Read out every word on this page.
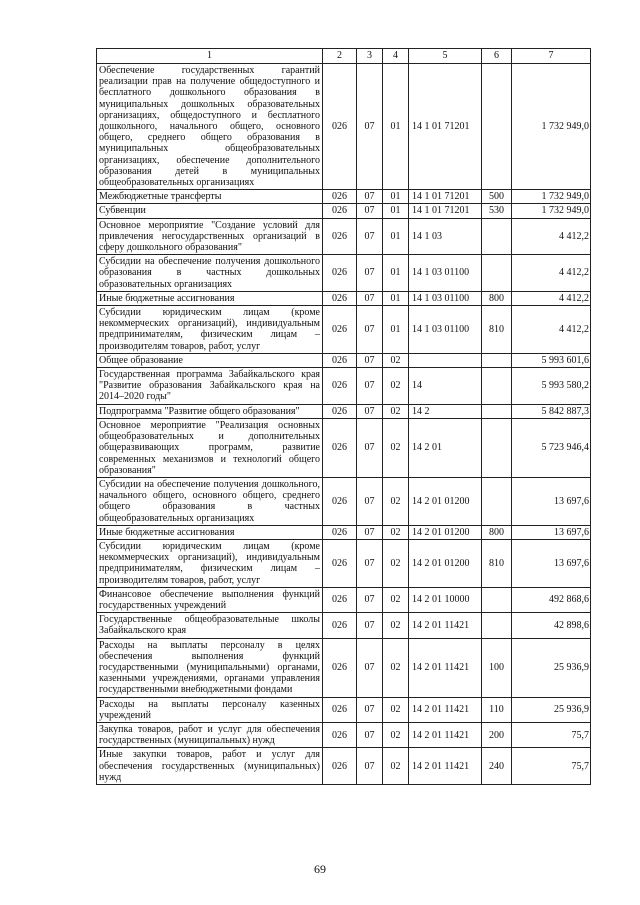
1	2	3	4	5	6	7
Обеспечение государственных гарантий реализации прав на получение общедоступного и бесплатного дошкольного образования в муниципальных дошкольных образовательных организациях, общедоступного и бесплатного дошкольного, начального общего, основного общего, среднего общего образования в муниципальных общеобразовательных организациях, обеспечение дополнительного образования детей в муниципальных общеобразовательных организациях	026	07	01	14 1 01 71201		1 732 949,0
Межбюджетные трансферты	026	07	01	14 1 01 71201	500	1 732 949,0
Субвенции	026	07	01	14 1 01 71201	530	1 732 949,0
Основное мероприятие "Создание условий для привлечения негосударственных организаций в сферу дошкольного образования"	026	07	01	14 1 03		4 412,2
Субсидии на обеспечение получения дошкольного образования в частных дошкольных образовательных организациях	026	07	01	14 1 03 01100		4 412,2
Иные бюджетные ассигнования	026	07	01	14 1 03 01100	800	4 412,2
Субсидии юридическим лицам (кроме некоммерческих организаций), индивидуальным предпринимателям, физическим лицам – производителям товаров, работ, услуг	026	07	01	14 1 03 01100	810	4 412,2
Общее образование	026	07	02			5 993 601,6
Государственная программа Забайкальского края "Развитие образования Забайкальского края на 2014–2020 годы"	026	07	02	14		5 993 580,2
Подпрограмма "Развитие общего образования"	026	07	02	14 2		5 842 887,3
Основное мероприятие "Реализация основных общеобразовательных и дополнительных общеразвивающих программ, развитие современных механизмов и технологий общего образования"	026	07	02	14 2 01		5 723 946,4
Субсидии на обеспечение получения дошкольного, начального общего, основного общего, среднего общего образования в частных общеобразовательных организациях	026	07	02	14 2 01 01200		13 697,6
Иные бюджетные ассигнования	026	07	02	14 2 01 01200	800	13 697,6
Субсидии юридическим лицам (кроме некоммерческих организаций), индивидуальным предпринимателям, физическим лицам – производителям товаров, работ, услуг	026	07	02	14 2 01 01200	810	13 697,6
Финансовое обеспечение выполнения функций государственных учреждений	026	07	02	14 2 01 10000		492 868,6
Государственные общеобразовательные школы Забайкальского края	026	07	02	14 2 01 11421		42 898,6
Расходы на выплаты персоналу в целях обеспечения выполнения функций государственными (муниципальными) органами, казенными учреждениями, органами управления государственными внебюджетными фондами	026	07	02	14 2 01 11421	100	25 936,9
Расходы на выплаты персоналу казенных учреждений	026	07	02	14 2 01 11421	110	25 936,9
Закупка товаров, работ и услуг для обеспечения государственных (муниципальных) нужд	026	07	02	14 2 01 11421	200	75,7
Иные закупки товаров, работ и услуг для обеспечения государственных (муниципальных) нужд	026	07	02	14 2 01 11421	240	75,7
69
